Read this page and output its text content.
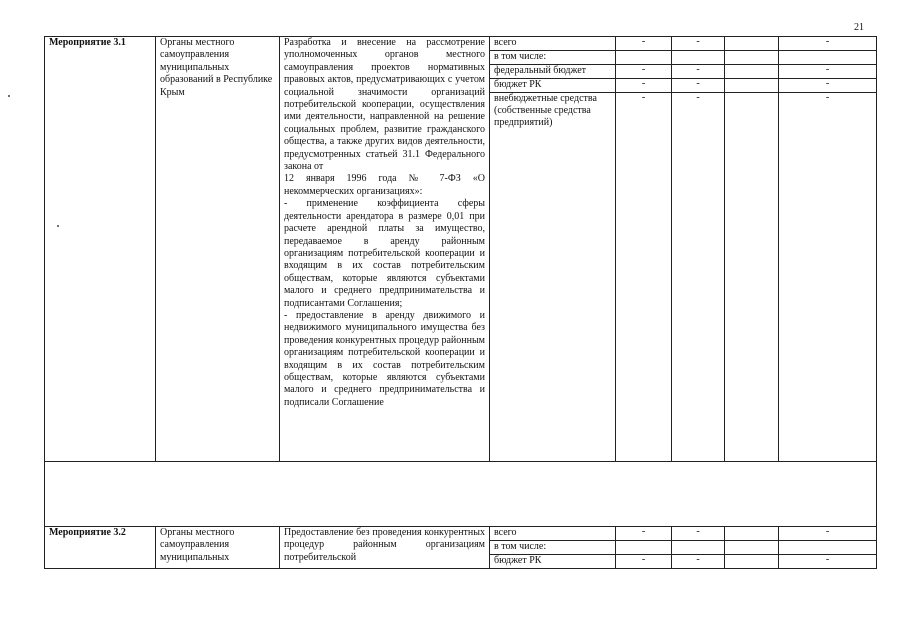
21
Мероприятие 3.1	Органы местного самоуправления муниципальных образований в Республике Крым	Разработка и внесение на рассмотрение уполномоченных органов местного самоуправления проектов нормативных правовых актов, предусматривающих с учетом социальной значимости организаций потребительской кооперации, осуществления ими деятельности, направленной на решение социальных проблем, развитие гражданского общества, а также других видов деятельности, предусмотренных статьей 31.1 Федерального закона от
12 января 1996 года № 7-ФЗ «О некоммерческих организациях»:
- применение коэффициента сферы деятельности арендатора в размере 0,01 при расчете арендной платы за имущество, передаваемое в аренду районным организациям потребительской кооперации и входящим в их состав потребительским обществам, которые являются субъектами малого и среднего предпринимательства и подписантами Соглашения;
- предоставление в аренду движимого и недвижимого муниципального имущества без проведения конкурентных процедур районным организациям потребительской кооперации и входящим в их состав потребительским обществам, которые являются субъектами малого и среднего предпринимательства и подписали Соглашение	всего	-	-		-
			в том числе:				
			федеральный бюджет	-	-		-
			бюджет РК	-	-		-
			внебюджетные средства (собственные средства предприятий)	-	-		-

Мероприятие 3.2	Органы местного самоуправления муниципальных	Предоставление без проведения конкурентных процедур районным организациям потребительской	всего	-	-		-
			в том числе:				
			бюджет РК	-	-		-
